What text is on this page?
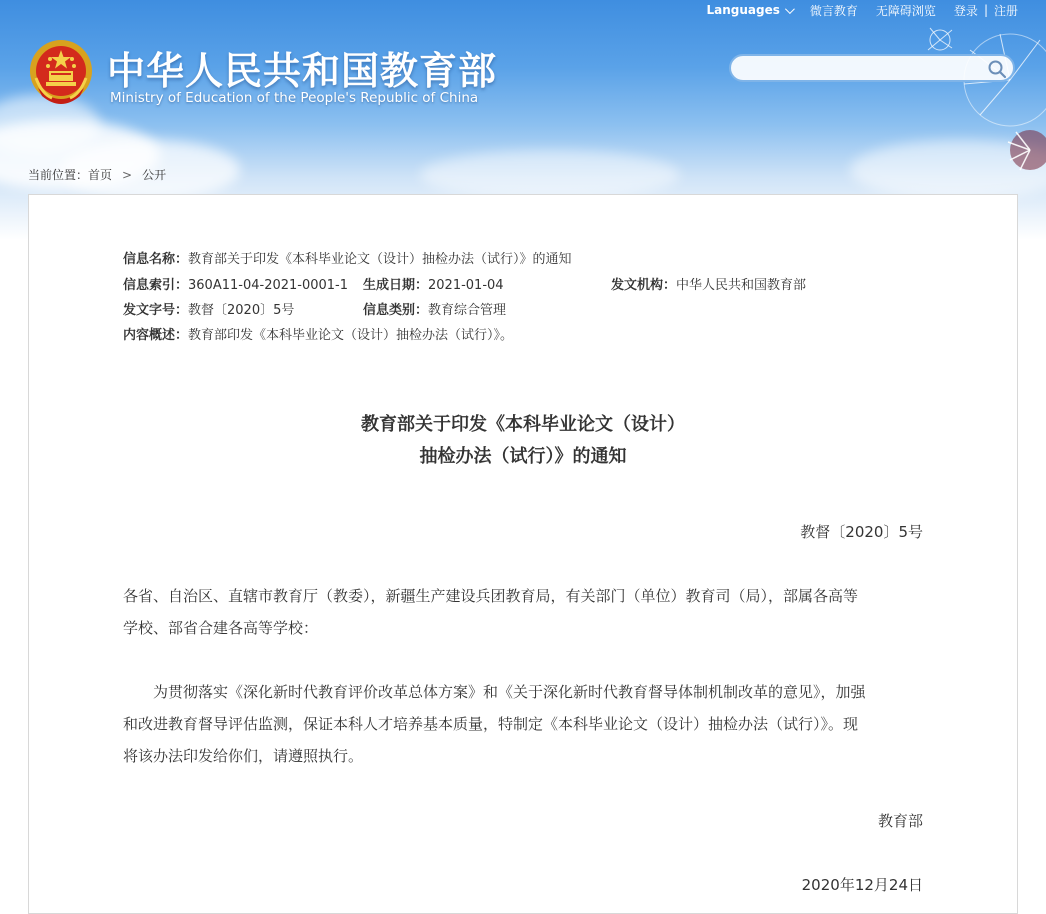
Languages	微言教育 无障碍浏览 登录 | 注册
中华人民共和国教育部
Ministry of Education of the People's Republic of China
当前位置： 首页 > 公开
信息名称：教育部关于印发《本科毕业论文（设计）抽检办法（试行）》的通知
信息索引：360A11-04-2021-0001-1 生成日期：2021-01-04	发文机构：中华人民共和国教育部
发文字号：教督〔2020〕5号	信息类别：教育综合管理
内容概述：教育部印发《本科毕业论文（设计）抽检办法（试行）》。
教育部关于印发《本科毕业论文（设计）
抽检办法（试行）》的通知
教督〔2020〕5号
各省、自治区、直辖市教育厅（教委），新疆生产建设兵团教育局，有关部门（单位）教育司（局），部属各高等
学校、部省合建各高等学校：
为贯彻落实《深化新时代教育评价改革总体方案》和《关于深化新时代教育督导体制机制改革的意见》，加强
和改进教育督导评估监测，保证本科人才培养基本质量，特制定《本科毕业论文（设计）抽检办法（试行）》。现
将该办法印发给你们，请遵照执行。
教育部
2020年12月24日
